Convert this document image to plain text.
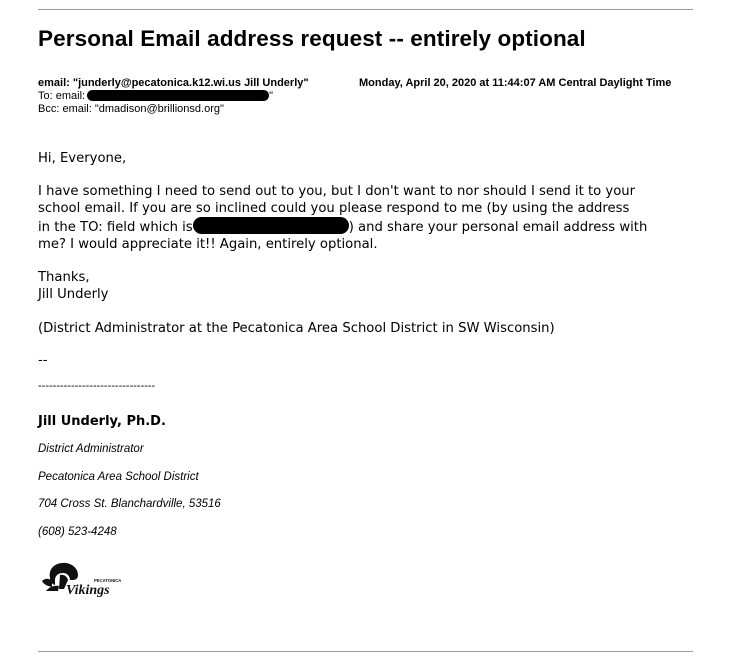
Personal Email address request -- entirely optional
email: "junderly@pecatonica.k12.wi.us Jill Underly"	Monday, April 20, 2020 at 11:44:07 AM Central Daylight Time
To: email:	"
Bcc: email: "dmadison@brillionsd.org"
Hi, Everyone,
I have something I need to send out to you, but I don't want to nor should I send it to your
school email. If you are so inclined could you please respond to me (by using the address
in the TO: field which is	) and share your personal email address with
me? I would appreciate it!! Again, entirely optional.
Thanks,
Jill Underly
(District Administrator at the Pecatonica Area School District in SW Wisconsin)
--
--------------------------------
Jill Underly, Ph.D.
District Administrator
Pecatonica Area School District
704 Cross St. Blanchardville, 53516
(608) 523-4248
PECATONICA
Vikings
